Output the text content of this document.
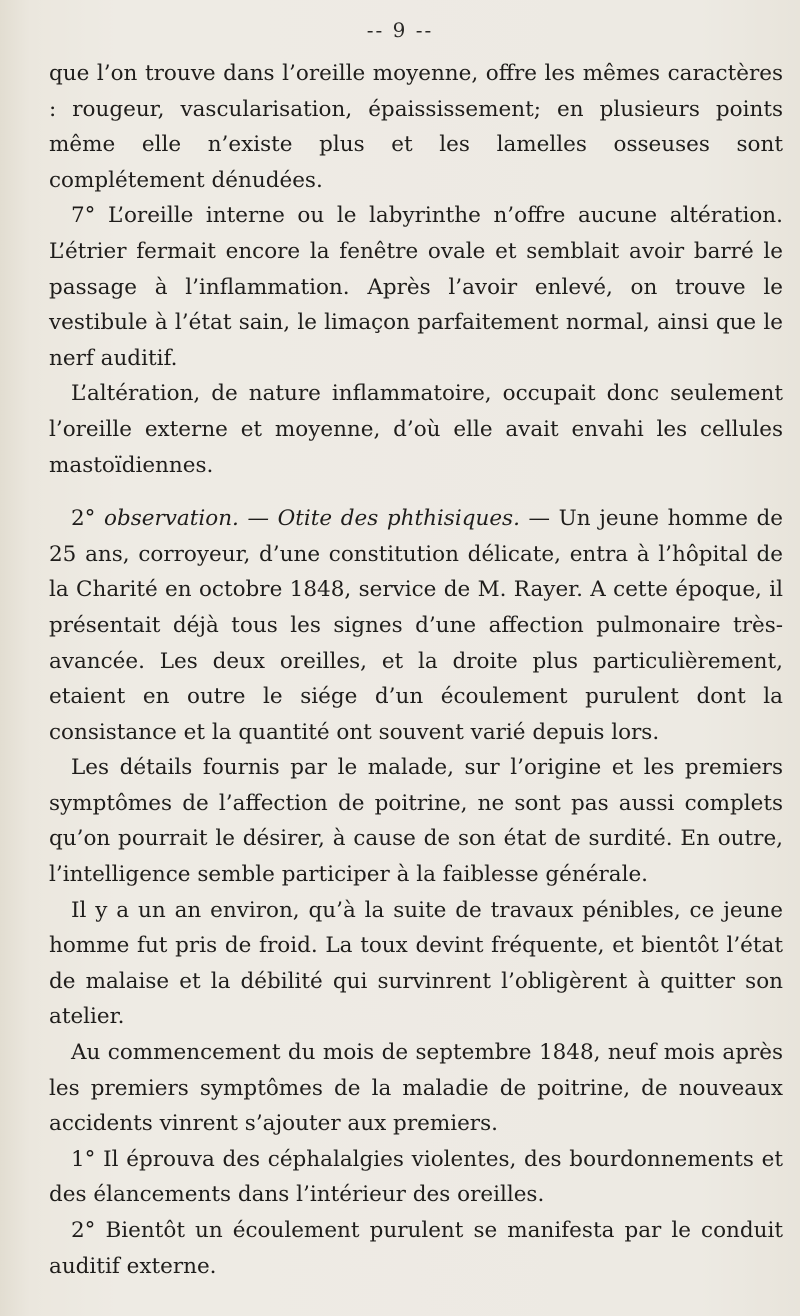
-- 9 --

que l’on trouve dans l’oreille moyenne, offre les mêmes caractères : rougeur, vascularisation, épaississement; en plusieurs points même elle n’existe plus et les lamelles osseuses sont complétement dénudées.

7° L’oreille interne ou le labyrinthe n’offre aucune altération. L’étrier fermait encore la fenêtre ovale et semblait avoir barré le passage à l’inflammation. Après l’avoir enlevé, on trouve le vestibule à l’état sain, le limaçon parfaitement normal, ainsi que le nerf auditif.

L’altération, de nature inflammatoire, occupait donc seulement l’oreille externe et moyenne, d’où elle avait envahi les cellules mastoïdiennes.

2° observation. — Otite des phthisiques. — Un jeune homme de 25 ans, corroyeur, d’une constitution délicate, entra à l’hôpital de la Charité en octobre 1848, service de M. Rayer. A cette époque, il présentait déjà tous les signes d’une affection pulmonaire très-avancée. Les deux oreilles, et la droite plus particulièrement, etaient en outre le siége d’un écoulement purulent dont la consistance et la quantité ont souvent varié depuis lors.

Les détails fournis par le malade, sur l’origine et les premiers symptômes de l’affection de poitrine, ne sont pas aussi complets qu’on pourrait le désirer, à cause de son état de surdité. En outre, l’intelligence semble participer à la faiblesse générale.

Il y a un an environ, qu’à la suite de travaux pénibles, ce jeune homme fut pris de froid. La toux devint fréquente, et bientôt l’état de malaise et la débilité qui survinrent l’obligèrent à quitter son atelier.

Au commencement du mois de septembre 1848, neuf mois après les premiers symptômes de la maladie de poitrine, de nouveaux accidents vinrent s’ajouter aux premiers.

1° Il éprouva des céphalalgies violentes, des bourdonnements et des élancements dans l’intérieur des oreilles.

2° Bientôt un écoulement purulent se manifesta par le conduit auditif externe.
